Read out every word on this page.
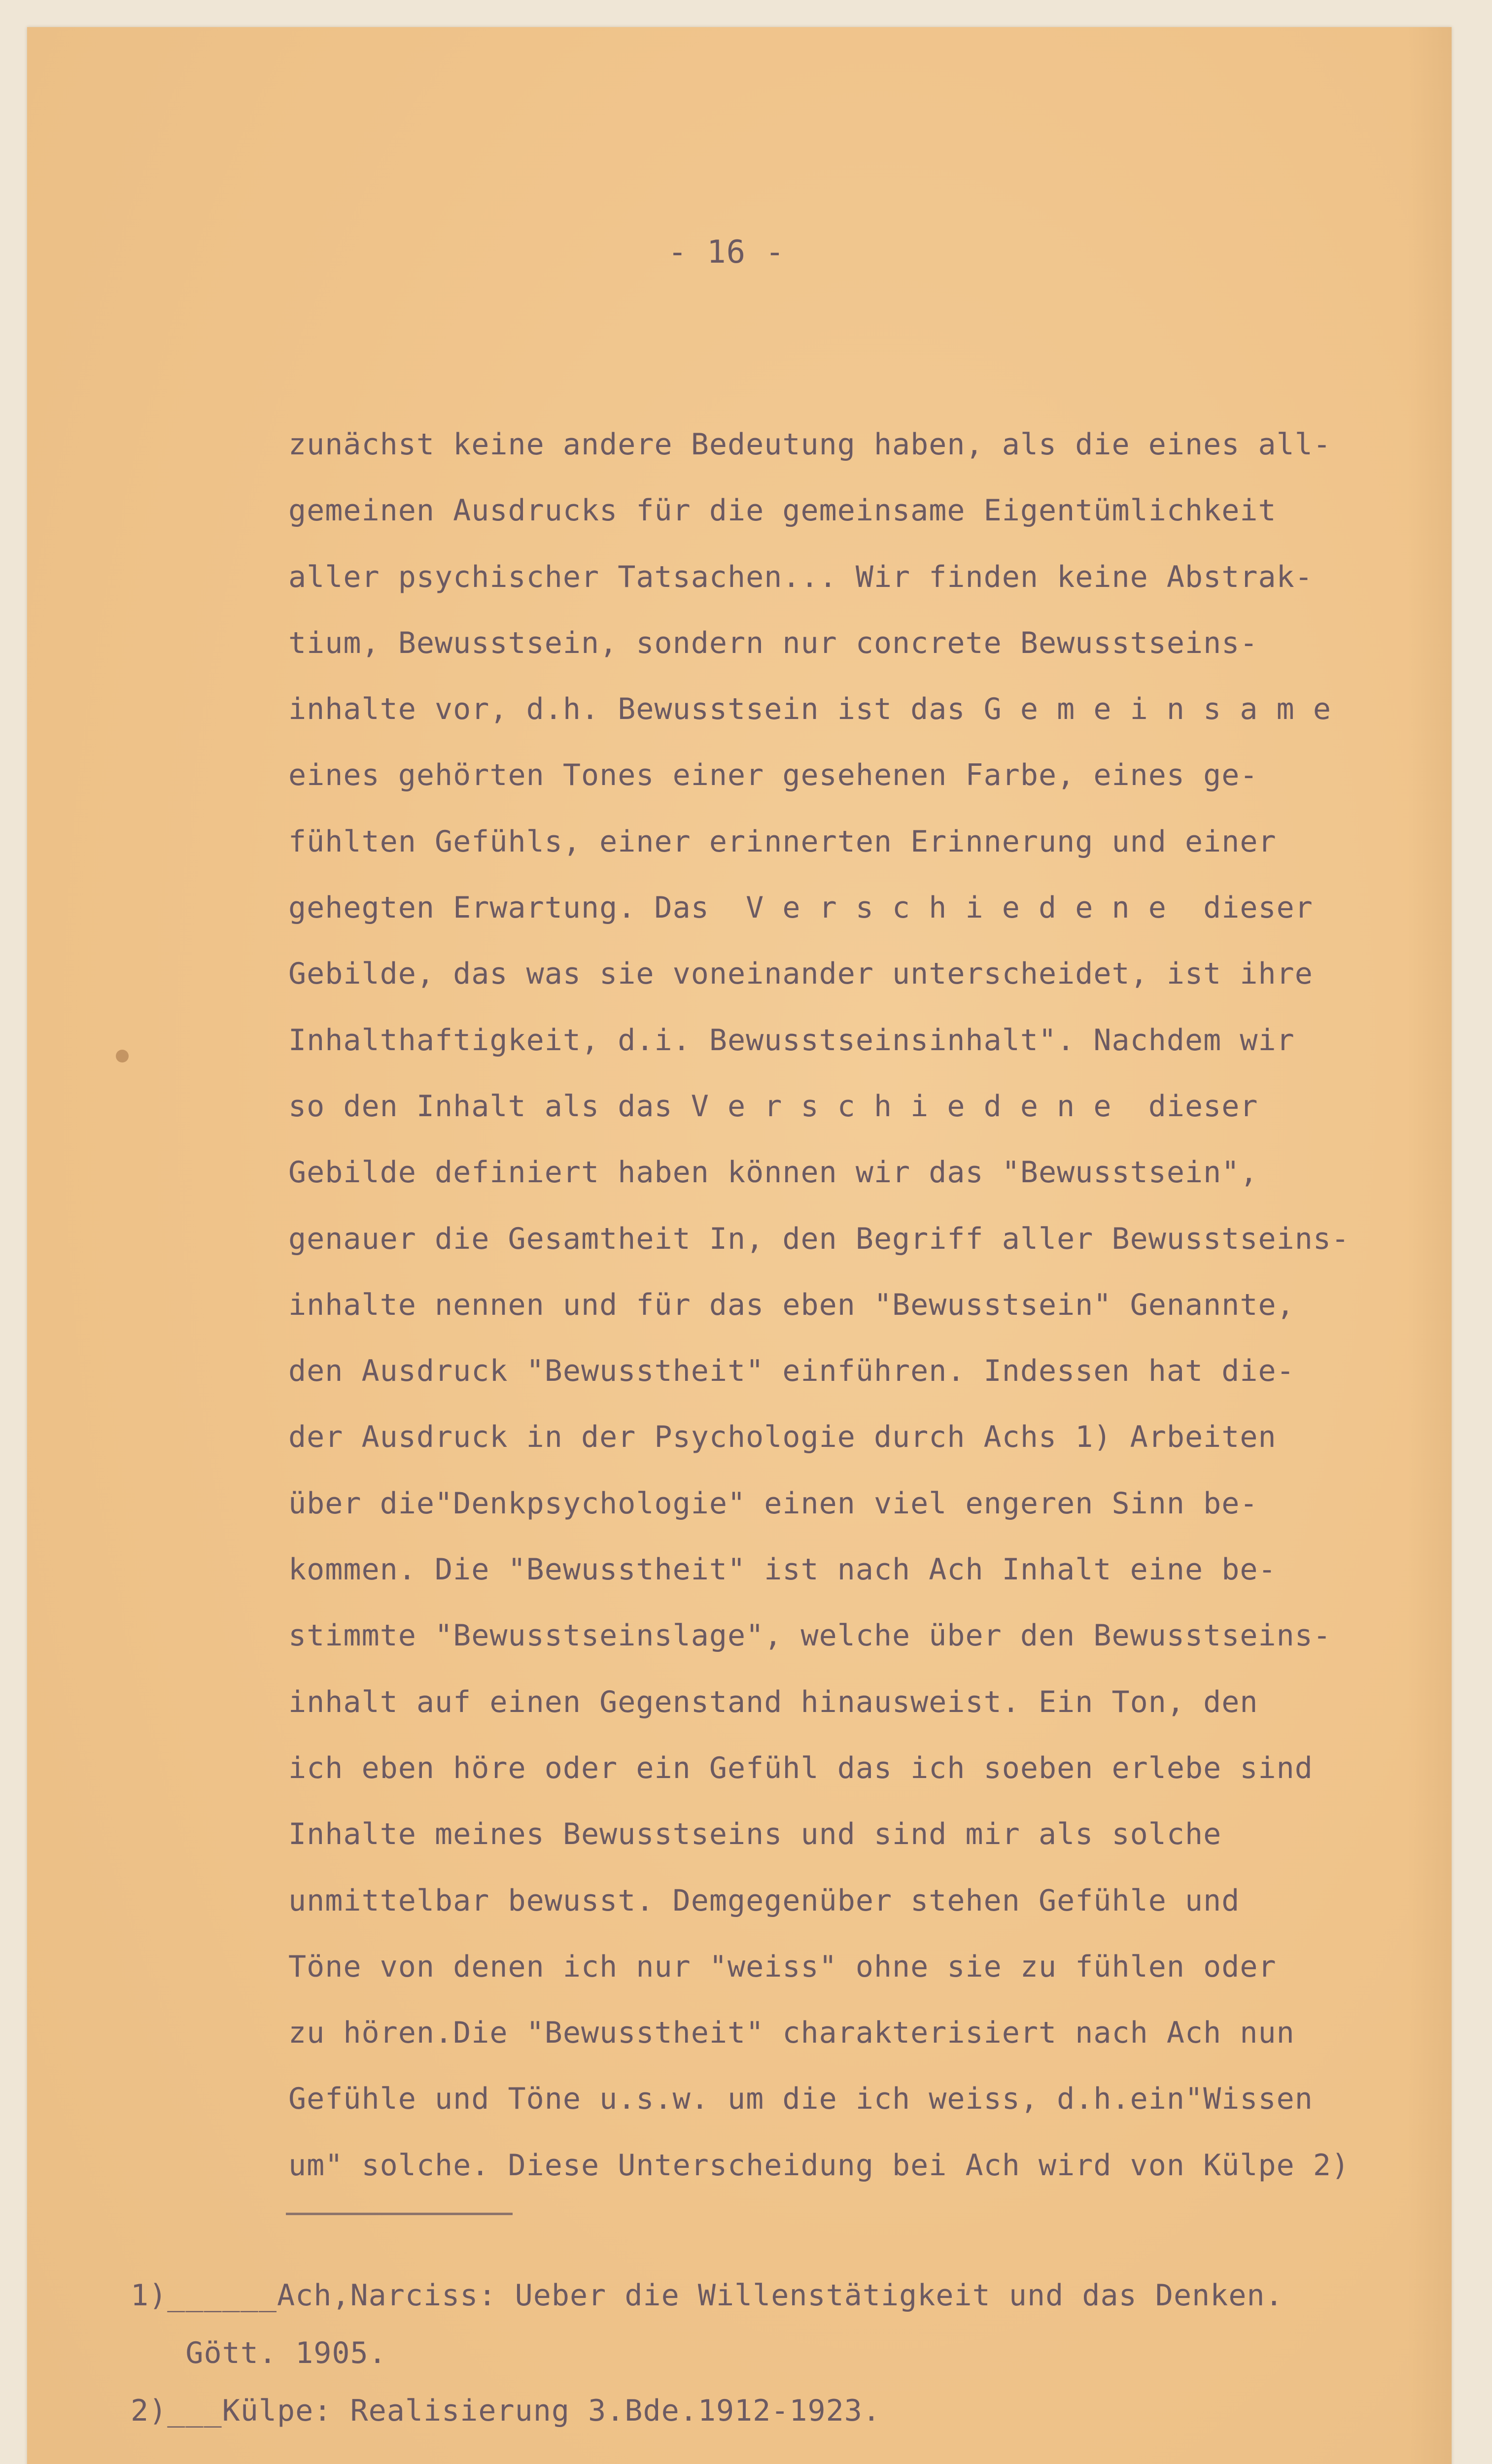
- 16 -
zunächst keine andere Bedeutung haben, als die eines all-
gemeinen Ausdrucks für die gemeinsame Eigentümlichkeit
aller psychischer Tatsachen... Wir finden keine Abstrak-
tium, Bewusstsein, sondern nur concrete Bewusstseins-
inhalte vor, d.h. Bewusstsein ist das G e m e i n s a m e
eines gehörten Tones einer gesehenen Farbe, eines ge-
fühlten Gefühls, einer erinnerten Erinnerung und einer
gehegten Erwartung. Das  V e r s c h i e d e n e  dieser
Gebilde, das was sie voneinander unterscheidet, ist ihre
Inhalthaftigkeit, d.i. Bewusstseinsinhalt". Nachdem wir
so den Inhalt als das V e r s c h i e d e n e  dieser
Gebilde definiert haben können wir das "Bewusstsein",
genauer die Gesamtheit In, den Begriff aller Bewusstseins-
inhalte nennen und für das eben "Bewusstsein" Genannte,
den Ausdruck "Bewusstheit" einführen. Indessen hat die-
der Ausdruck in der Psychologie durch Achs 1) Arbeiten
über die"Denkpsychologie" einen viel engeren Sinn be-
kommen. Die "Bewusstheit" ist nach Ach Inhalt eine be-
stimmte "Bewusstseinslage", welche über den Bewusstseins-
inhalt auf einen Gegenstand hinausweist. Ein Ton, den
ich eben höre oder ein Gefühl das ich soeben erlebe sind
Inhalte meines Bewusstseins und sind mir als solche
unmittelbar bewusst. Demgegenüber stehen Gefühle und
Töne von denen ich nur "weiss" ohne sie zu fühlen oder
zu hören.Die "Bewusstheit" charakterisiert nach Ach nun
Gefühle und Töne u.s.w. um die ich weiss, d.h.ein"Wissen
um" solche. Diese Unterscheidung bei Ach wird von Külpe 2)
1)______Ach,Narciss: Ueber die Willenstätigkeit und das Denken.
Gött. 1905.
2)___Külpe: Realisierung 3.Bde.1912-1923.
